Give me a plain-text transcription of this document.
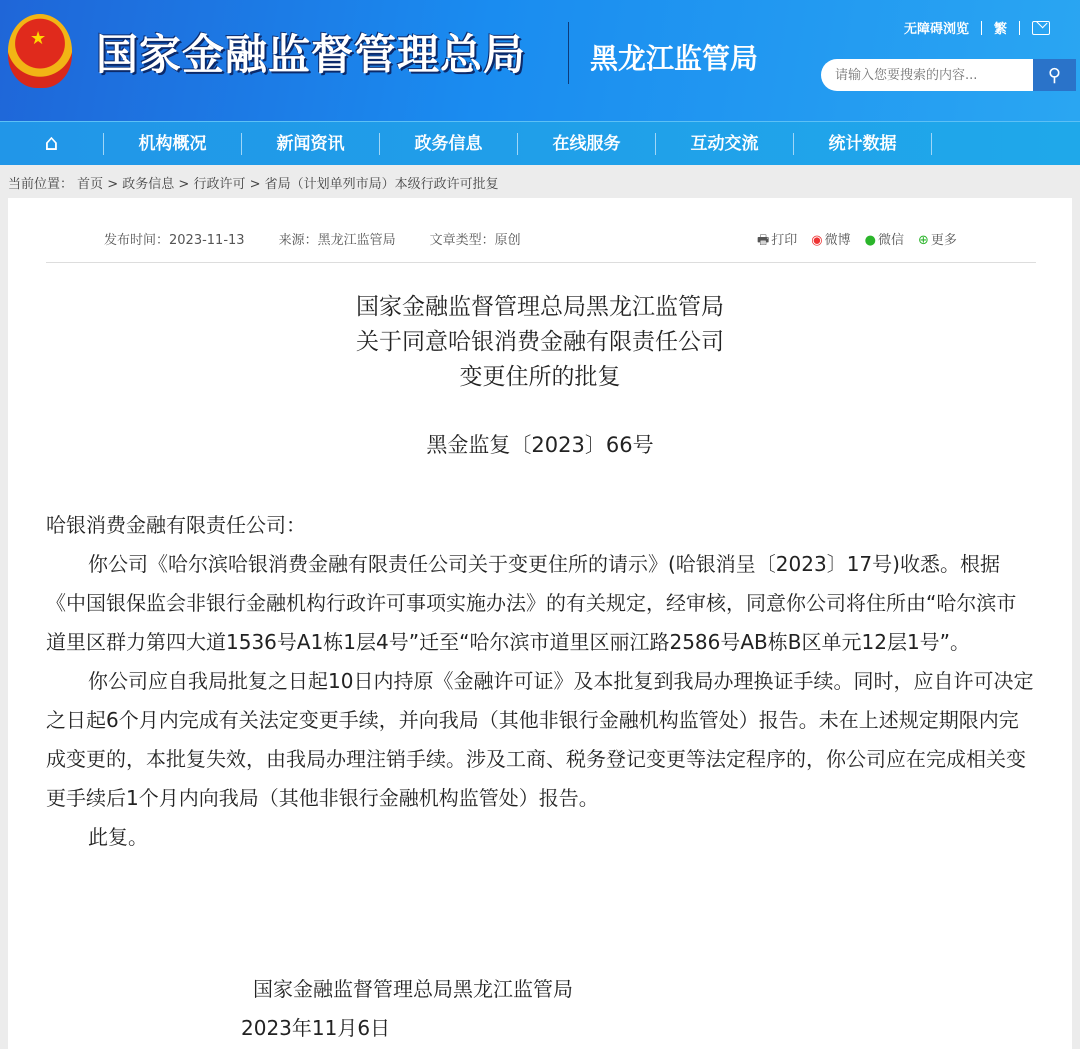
★ 国家金融监督管理总局 黑龙江监管局
无障碍浏览 繁
请输入您要搜索的内容...
⚲
⌂	机构概况	新闻资讯	政务信息	在线服务	互动交流	统计数据
当前位置： 首页 > 政务信息 > 行政许可 > 省局（计划单列市局）本级行政许可批复
发布时间：2023-11-13	来源：黑龙江监管局	文章类型：原创	🖶 打印 ◉ 微博 ● 微信 ⊕ 更多
国家金融监督管理总局黑龙江监管局
关于同意哈银消费金融有限责任公司
变更住所的批复
黑金监复〔2023〕66号

哈银消费金融有限责任公司：

你公司《哈尔滨哈银消费金融有限责任公司关于变更住所的请示》(哈银消呈〔2023〕17号)收悉。根据《中国银保监会非银行金融机构行政许可事项实施办法》的有关规定，经审核，同意你公司将住所由“哈尔滨市道里区群力第四大道1536号A1栋1层4号”迁至“哈尔滨市道里区丽江路2586号AB栋B区单元12层1号”。

你公司应自我局批复之日起10日内持原《金融许可证》及本批复到我局办理换证手续。同时，应自许可决定之日起6个月内完成有关法定变更手续，并向我局（其他非银行金融机构监管处）报告。未在上述规定期限内完成变更的，本批复失效，由我局办理注销手续。涉及工商、税务登记变更等法定程序的，你公司应在完成相关变更手续后1个月内向我局（其他非银行金融机构监管处）报告。

此复。

国家金融监督管理总局黑龙江监管局
2023年11月6日
